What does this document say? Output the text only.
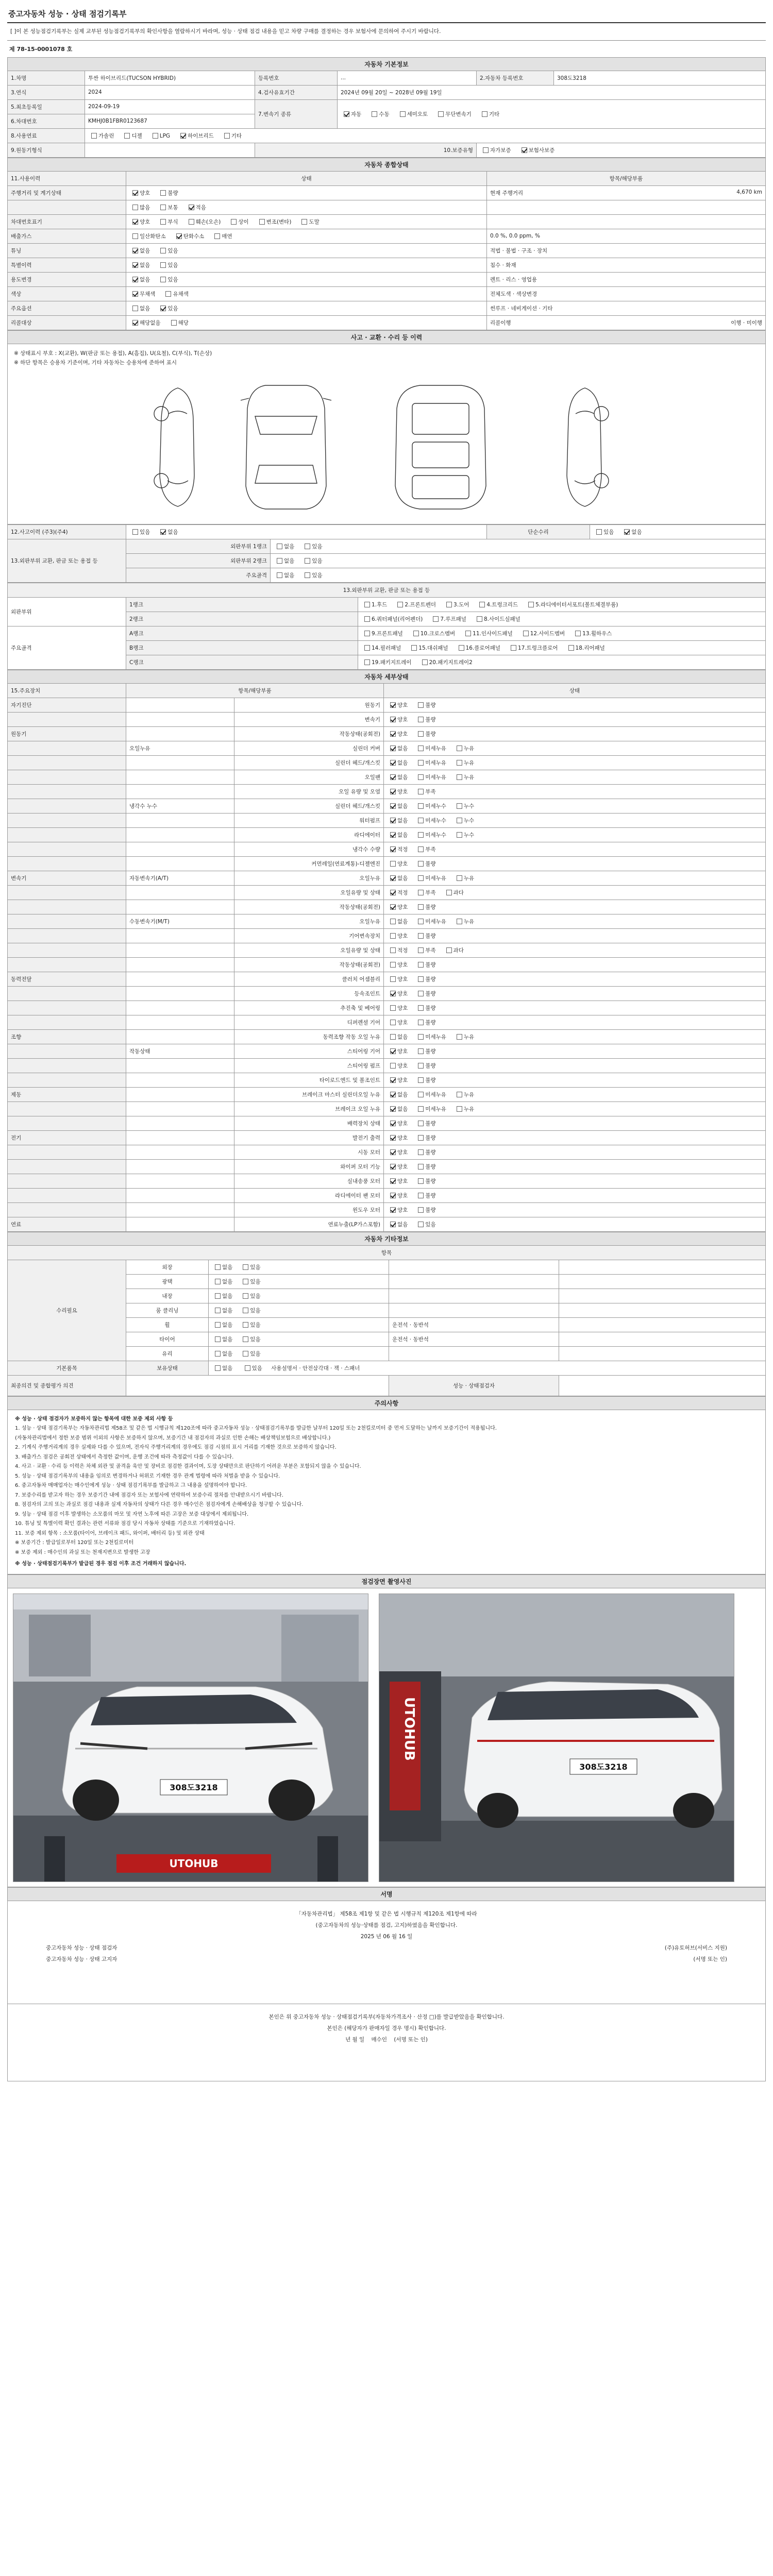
중고자동차 성능 · 상태 점검기록부
[ ]이 본 성능점검기록부는 실제 교부된 성능점검기록부의 확인사항을 열람하시기 바라며, 성능 · 상태 점검 내용을 믿고 차량 구매를 결정하는 경우 보험사에 문의하여 주시기 바랍니다.
제 78-15-0001078 호
자동차 기본정보					
1.차명	투싼 하이브리드(TUCSON HYBRID)	등록번호	...	2.자동차 등록번호	308도3218
3.연식	2024	4.검사유효기간	2024년 09월 20일 ~ 2028년 09월 19일		
5.최초등록일	2024-09-19	7.변속기 종류	자동 수동 세미오토 무단변속기 기타		
6.차대번호	KMHJ0B1FBR0123687				
8.사용연료	가솔린 디젤 LPG 하이브리드 기타				
9.원동기형식		10.보증유형		자가보증 보험사보증	
자동차 종합상태		
11.사용이력	상태	항목/해당부품
주행거리 및 계기상태	양호 불량	현재 주행거리 4,670 km

	많음 보통 적음	

차대번호표기	양호 부식 훼손(오손) 상이 변조(변타) 도말	

배출가스	일산화탄소 탄화수소 매연	0.0 %, 0.0 ppm, %

튜닝	없음 있음	적법 · 불법 · 구조 · 장치

특별이력	없음 있음	침수 · 화재

용도변경	없음 있음	렌트 · 리스 · 영업용

색상	무채색 유채색	전체도색 · 색상변경

주요옵션	없음 있음	썬루프 · 네비게이션 · 기타

리콜대상	해당없음 해당	리콜이행 이행 · 미이행
사고 · 교환 · 수리 등 이력
※ 상태표시 부호 : X(교환), W(판금 또는 용접), A(흠집), U(요철), C(부식), T(손상)
※ 하단 항목은 승용차 기준이며, 기타 자동차는 승용차에 준하여 표시
12.사고이력 (주3)(주4)	있음 없음		단순수리	있음 없음
13.외판부위 교환, 판금 또는 용접 등	외판부위 1랭크	없음 있음		
	외판부위 2랭크	없음 있음		
	주요골격	없음 있음		
13.외판부위 교환, 판금 또는 용접 등		
외판부위	1랭크	1.후드 2.프론트펜더 3.도어 4.트렁크리드 5.라디에이터서포트(볼트체결부품)
	2랭크	6.쿼터패널(리어펜더) 7.루프패널 8.사이드실패널
주요골격	A랭크	9.프론트패널 10.크로스멤버 11.인사이드패널 12.사이드멤버 13.휠하우스
	B랭크	14.필러패널 15.대쉬패널 16.플로어패널 17.트렁크플로어 18.리어패널
	C랭크	19.패키지트레이 20.패키지트레이2
자동차 세부상태			
15.주요장치	항목/해당부품		상태
자기진단		원동기	양호 불량
		변속기	양호 불량
원동기		작동상태(공회전)	양호 불량
	오일누유	실린더 커버	없음 미세누유 누유
		실린더 헤드/개스킷	없음 미세누유 누유
		오일팬	없음 미세누유 누유
		오일 유량 및 오염	양호 부족
	냉각수 누수	실린더 헤드/개스킷	없음 미세누수 누수
		워터펌프	없음 미세누수 누수
		라디에이터	없음 미세누수 누수
		냉각수 수량	적정 부족
		커먼레일(연료계통)-디젤엔진	양호 불량
변속기	자동변속기(A/T)	오일누유	없음 미세누유 누유
		오일유량 및 상태	적정 부족 과다
		작동상태(공회전)	양호 불량
	수동변속기(M/T)	오일누유	없음 미세누유 누유
		기어변속장치	양호 불량
		오일유량 및 상태	적정 부족 과다
		작동상태(공회전)	양호 불량
동력전달		클러치 어셈블리	양호 불량
		등속조인트	양호 불량
		추진축 및 베어링	양호 불량
		디퍼렌셜 기어	양호 불량
조향		동력조향 작동 오일 누유	없음 미세누유 누유
	작동상태	스티어링 기어	양호 불량
		스티어링 펌프	양호 불량
		타이로드엔드 및 볼조인트	양호 불량
제동		브레이크 마스터 실린더오일 누유	없음 미세누유 누유
		브레이크 오일 누유	없음 미세누유 누유
		배력장치 상태	양호 불량
전기		발전기 출력	양호 불량
		시동 모터	양호 불량
		와이퍼 모터 기능	양호 불량
		실내송풍 모터	양호 불량
		라디에이터 팬 모터	양호 불량
		윈도우 모터	양호 불량
연료		연료누출(LP가스포함)	없음 있음
자동차 기타정보				
항목				
수리필요	외장	없음 있음		
	광택	없음 있음		
	내장	없음 있음		
	룸 클리닝	없음 있음		
	휠	없음 있음	운전석 · 동반석	
	타이어	없음 있음	운전석 · 동반석	
	유리	없음 있음		
기본품목	보유상태	없음 있음 사용설명서 · 안전삼각대 · 잭 · 스패너		
최종의견 및 종합평가 의견			성능 · 상태점검자	
주의사항

※ 성능 · 상태 점검자가 보증하지 않는 항목에 대한 보증 제외 사항 등

1. 성능 · 상태 점검기록부는 자동차관리법 제58조 및 같은 법 시행규칙 제120조에 따라 중고자동차 성능 · 상태점검기록부를 발급한 날부터 120일 또는 2천킬로미터 중 먼저 도달하는 날까지 보증기간이 적용됩니다.

(자동차관리법에서 정한 보증 범위 이외의 사항은 보증하지 않으며, 보증기간 내 점검자의 과실로 인한 손해는 배상책임보험으로 배상합니다.)

2. 기계식 주행거리계의 경우 실제와 다를 수 있으며, 전자식 주행거리계의 경우에도 점검 시점의 표시 거리를 기재한 것으로 보증하지 않습니다.

3. 배출가스 점검은 공회전 상태에서 측정한 값이며, 운행 조건에 따라 측정값이 다를 수 있습니다.

4. 사고 · 교환 · 수리 등 이력은 차체 외관 및 골격을 육안 및 장비로 점검한 결과이며, 도장 상태만으로 판단하기 어려운 부분은 포함되지 않을 수 있습니다.

5. 성능 · 상태 점검기록부의 내용을 임의로 변경하거나 허위로 기재한 경우 관계 법령에 따라 처벌을 받을 수 있습니다.

6. 중고자동차 매매업자는 매수인에게 성능 · 상태 점검기록부를 발급하고 그 내용을 설명하여야 합니다.

7. 보증수리를 받고자 하는 경우 보증기간 내에 점검자 또는 보험사에 연락하여 보증수리 절차를 안내받으시기 바랍니다.

8. 점검자의 고의 또는 과실로 점검 내용과 실제 자동차의 상태가 다른 경우 매수인은 점검자에게 손해배상을 청구할 수 있습니다.

9. 성능 · 상태 점검 이후 발생하는 소모품의 마모 및 자연 노후에 따른 고장은 보증 대상에서 제외됩니다.

10. 튜닝 및 특별이력 확인 결과는 관련 서류와 점검 당시 자동차 상태를 기준으로 기재하였습니다.

11. 보증 제외 항목 : 소모품(타이어, 브레이크 패드, 와이퍼, 배터리 등) 및 외관 상태

※ 보증기간 : 발급일로부터 120일 또는 2천킬로미터

※ 보증 제외 : 매수인의 과실 또는 천재지변으로 발생한 고장

※ 성능 · 상태점검기록부가 발급된 경우 점검 이후 조건 거래하지 않습니다.

점검장면 촬영사진
308도3218
UTOHUB
UTOHUB
308도3218
서명
「자동차관리법」 제58조 제1항 및 같은 법 시행규칙 제120조 제1항에 따라
(중고자동차의 성능·상태를 점검, 고지)하였음을 확인합니다.
2025 년 06 월 16 일
중고자동차 성능 · 상태 점검자	(주)유토허브(서비스 지원)
중고자동차 성능 · 상태 고지자	(서명 또는 인)
본인은 위 중고자동차 성능 · 상태점검기록부(자동차가격조사 · 산정 □)를 발급받았음을 확인합니다.
본인은 (해당자가 판매자일 경우 명시) 확인합니다.
년 월 일 매수인 (서명 또는 인)
